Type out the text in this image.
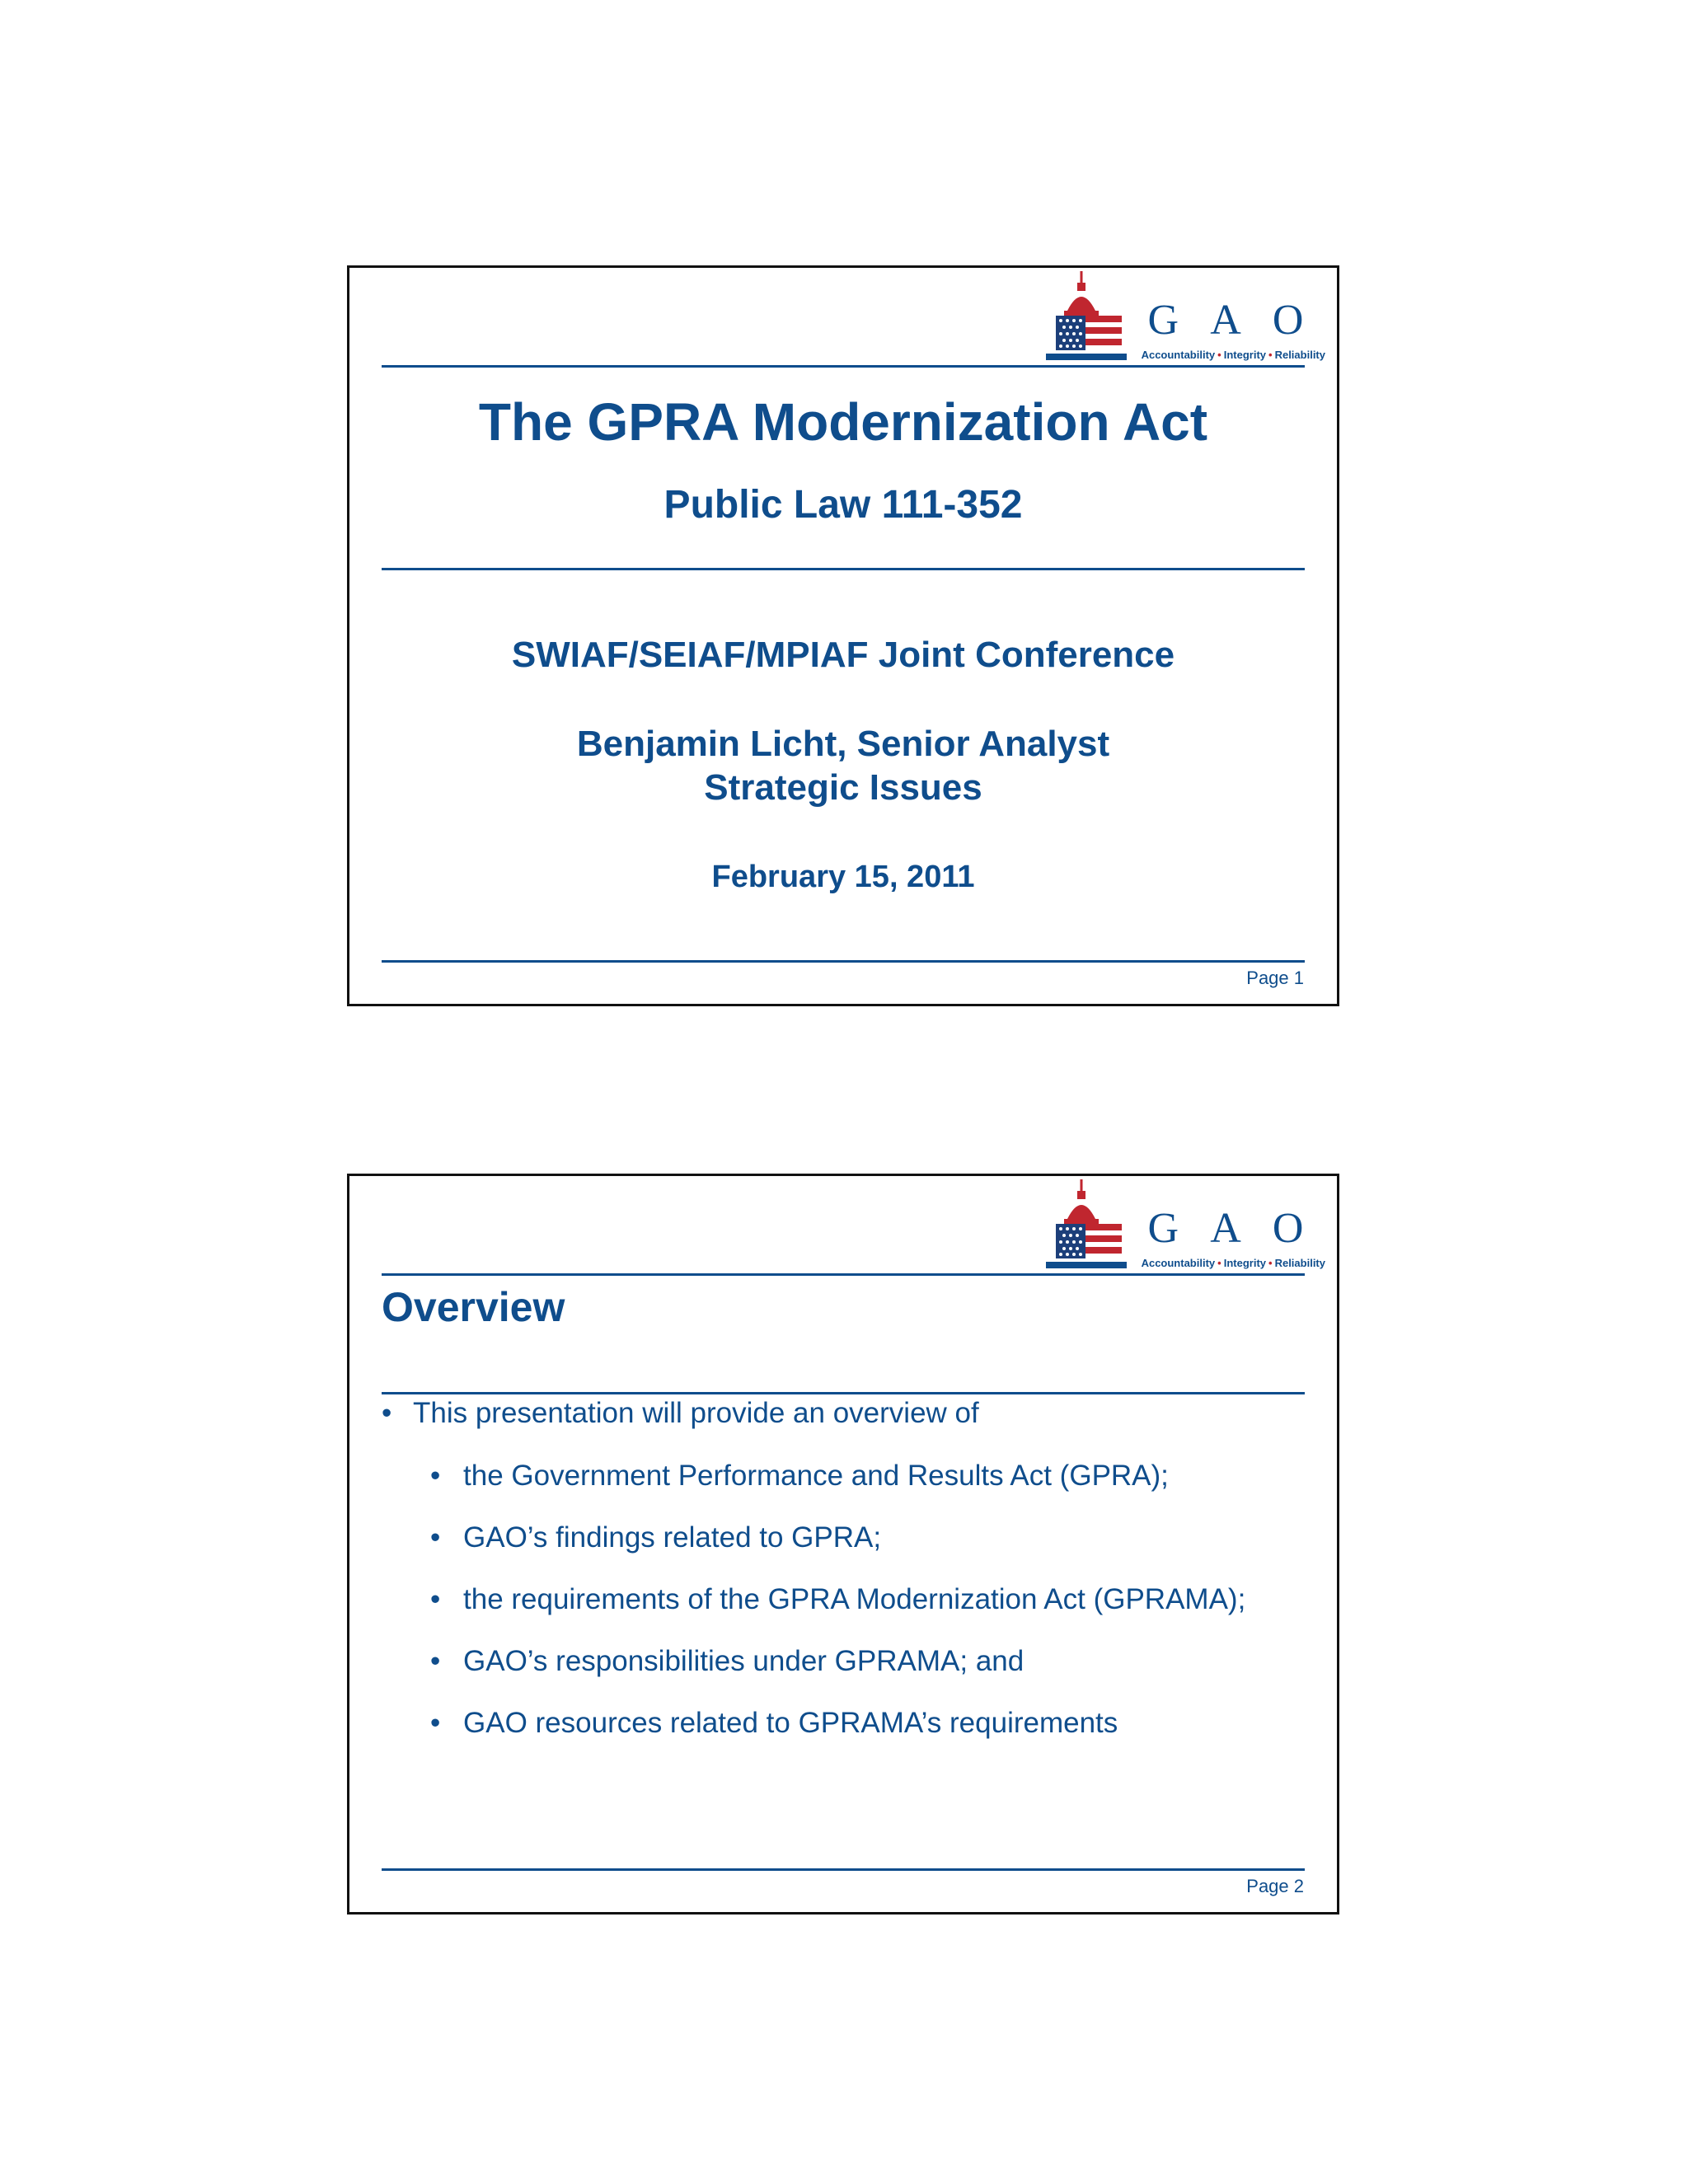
G A O
Accountability • Integrity • Reliability
The GPRA Modernization Act
Public Law 111-352
SWIAF/SEIAF/MPIAF Joint Conference
Benjamin Licht, Senior Analyst
Strategic Issues
February 15, 2011
Page 1
G A O
Accountability • Integrity • Reliability
Overview
• This presentation will provide an overview of
• the Government Performance and Results Act (GPRA);
• GAO’s findings related to GPRA;
• the requirements of the GPRA Modernization Act (GPRAMA);
• GAO’s responsibilities under GPRAMA; and
• GAO resources related to GPRAMA’s requirements
Page 2
